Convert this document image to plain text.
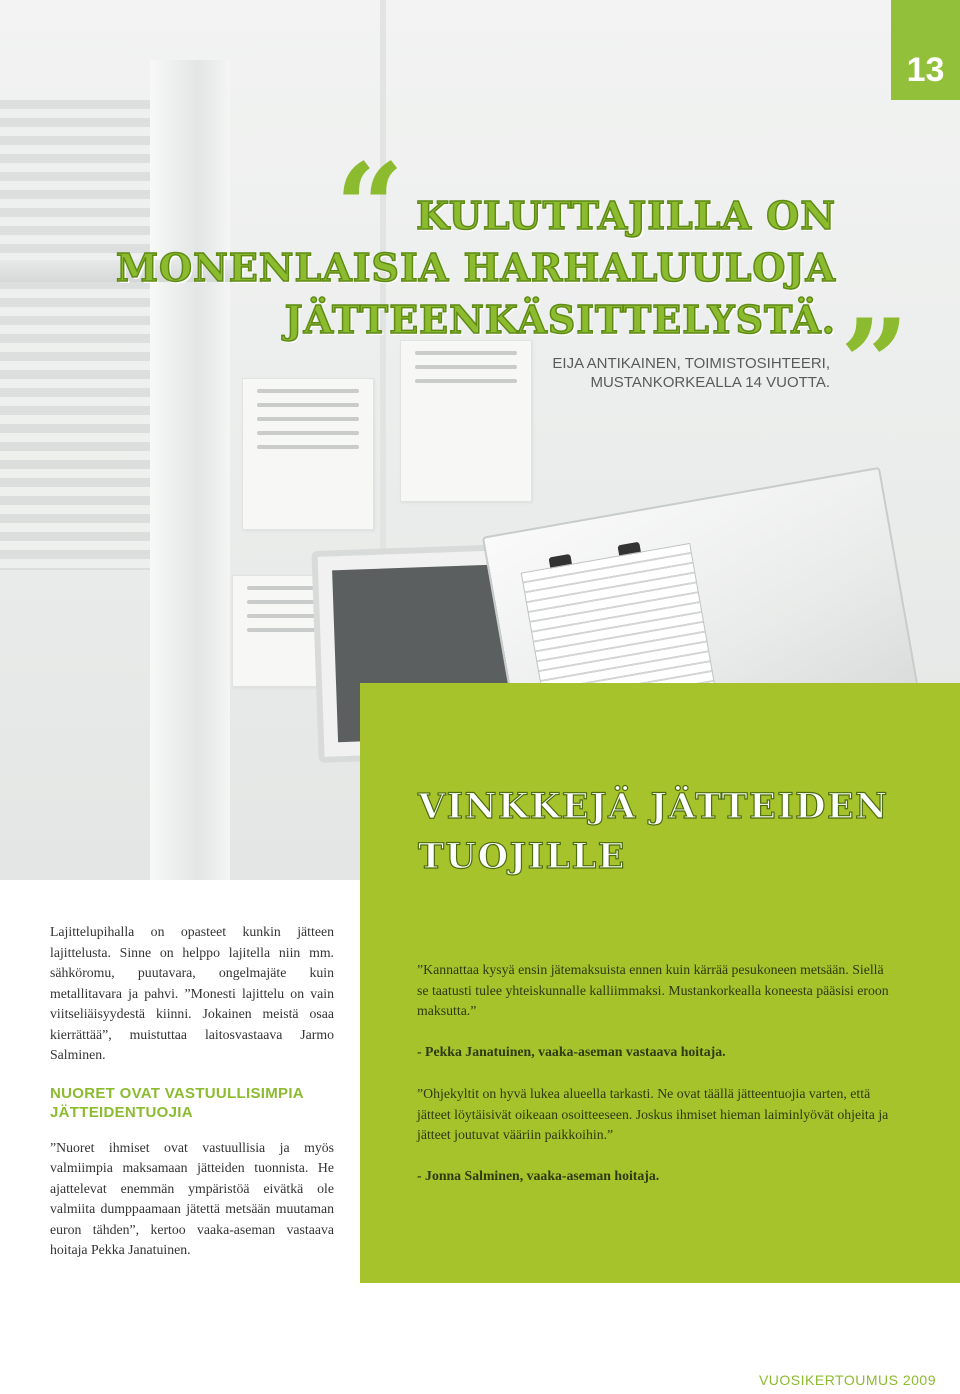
13
“ KULUTTAJILLA ON
MONENLAISIA HARHALUULOJA
JÄTTEENKÄSITTELYSTÄ. ”
EIJA ANTIKAINEN, TOIMISTOSIHTEERI,
MUSTANKORKEALLA 14 VUOTTA.
VINKKEJÄ JÄTTEIDEN
TUOJILLE

Lajittelupihalla on opasteet kunkin jätteen lajittelusta. Sinne on helppo lajitella niin mm. sähköromu, puutavara, ongelmajäte kuin metallitavara ja pahvi. ”Monesti lajittelu on vain viitseliäisyydestä kiinni. Jokainen meistä osaa kierrättää”, muistuttaa laitosvastaava Jarmo Salminen.

NUORET OVAT VASTUULLISIMPIA
JÄTTEIDENTUOJIA

”Nuoret ihmiset ovat vastuullisia ja myös valmiimpia maksamaan jätteiden tuonnista. He ajattelevat enemmän ympäristöä eivätkä ole valmiita dumppaamaan jätettä metsään muutaman euron tähden”, kertoo vaaka-aseman vastaava hoitaja Pekka Janatuinen.

”Kannattaa kysyä ensin jätemaksuista ennen kuin kärrää pesukoneen metsään. Siellä se taatusti tulee yhteiskunnalle kalliimmaksi. Mustankorkealla koneesta pääsisi eroon maksutta.”

- Pekka Janatuinen, vaaka-aseman vastaava hoitaja.

”Ohjekyltit on hyvä lukea alueella tarkasti. Ne ovat täällä jätteentuojia varten, että jätteet löytäisivät oikeaan osoitteeseen. Joskus ihmiset hieman laiminlyövät ohjeita ja jätteet joutuvat vääriin paikkoihin.”

- Jonna Salminen, vaaka-aseman hoitaja.

VUOSIKERTOUMUS 2009
